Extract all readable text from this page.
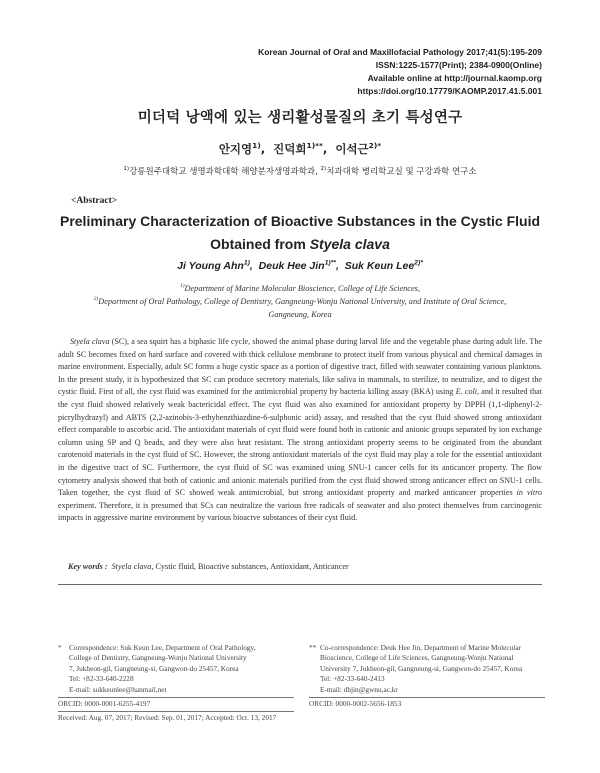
Korean Journal of Oral and Maxillofacial Pathology 2017;41(5):195-209
ISSN:1225-1577(Print); 2384-0900(Online)
Available online at http://journal.kaomp.org
https://doi.org/10.17779/KAOMP.2017.41.5.001
미더덕 낭액에 있는 생리활성물질의 초기 특성연구
안지영$^{1)}$,  진덕희$^{1)**}$,  이석근$^{2)*}$
$^{1)}$강릉원주대학교 생명과학대학 해양분자생명과학과, $^{2)}$치과대학 병리학교실 및 구강과학 연구소
<Abstract>
Preliminary Characterization of Bioactive Substances in the Cystic Fluid
Obtained from Styela clava
Ji Young Ahn$^{1)}$,  Deuk Hee Jin$^{1)**}$,  Suk Keun Lee$^{2)*}$
$^{1)}$Department of Marine Molecular Bioscience, College of Life Sciences,
$^{2)}$Department of Oral Pathology, College of Dentistry, Gangneung-Wonju National University, and Institute of Oral Science,
Gangneung, Korea
Styela clava (SC), a sea squirt has a biphasic life cycle, showed the animal phase during larval life and the vegetable phase during adult life. The adult SC becomes fixed on hard surface and covered with thick cellulose membrane to protect itself from various physical and chemical damages in marine environment. Especially, adult SC forms a huge cystic space as a portion of digestive tract, filled with seawater containing various planktons. In the present study, it is hypothesized that SC can produce secretory materials, like saliva in mammals, to sterilize, to neutralize, and to digest the cystic fluid. First of all, the cyst fluid was examined for the antimicrobial property by bacteria killing assay (BKA) using E. coli, and it resulted that the cyst fluid showed relatively weak bactericidal effect. The cyst fluid was also examined for antioxidant property by DPPH (1,1-diphenyl-2-picrylhydrazyl) and ABTS (2,2-azinobis-3-ethybenzthiazdine-6-sulphonic acid) assay, and resulted that the cyst fluid showed strong antioxidant effect comparable to ascorbic acid. The antioxidant materials of cyst fluid were found both in cationic and anionic groups separated by ion exchange column using SP and Q beads, and they were also heat resistant. The strong antioxidant property seems to be originated from the abundant carotenoid materials in the cyst fluid of SC. However, the strong antioxidant materials of the cyst fluid may play a role for the essential antioxidant in the digestive tract of SC. Furthermore, the cyst fluid of SC was examined using SNU-1 cancer cells for its anticancer property. The flow cytometry analysis showed that both of cationic and anionic materials purified from the cyst fluid showed strong anticancer effect on SNU-1 cells. Taken together, the cyst fluid of SC showed weak antimicrobial, but strong antioxidant property and marked anticancer properties in vitro experiment. Therefore, it is presumed that SCs can neutralize the various free radicals of seawater and also protect themselves from carcinogenic impacts in aggressive marine environment by various bioactve substances of their cyst fluid.
Key words : Styela clava, Cystic fluid, Bioactive substances, Antioxidant, Anticancer
*	Correspondence: Suk Keun Lee, Department of Oral Pathology,
College of Dentistry, Gangneung-Wonju National University
7, Jukheon-gil, Gangneung-si, Gangwon-do 25457, Korea
Tel: +82-33-640-2228
E-mail: sukkeunlee@hanmail,net
ORCID: 0000-0001-6255-4197
Received: Aug. 07, 2017; Revised: Sep. 01, 2017; Accepted: Oct. 13, 2017
** Co-correspondence: Deuk Hee Jin, Department of Marine Molecular
Bioscience, College of Life Sciences, Gangneung-Wonju National
University 7, Jukheon-gil, Gangneung-si, Gangwon-do 25457, Korea
Tel: +82-33-640-2413
E-mail: dhjin@gwnu,ac,kr
ORCID: 0000-0002-5656-1853
